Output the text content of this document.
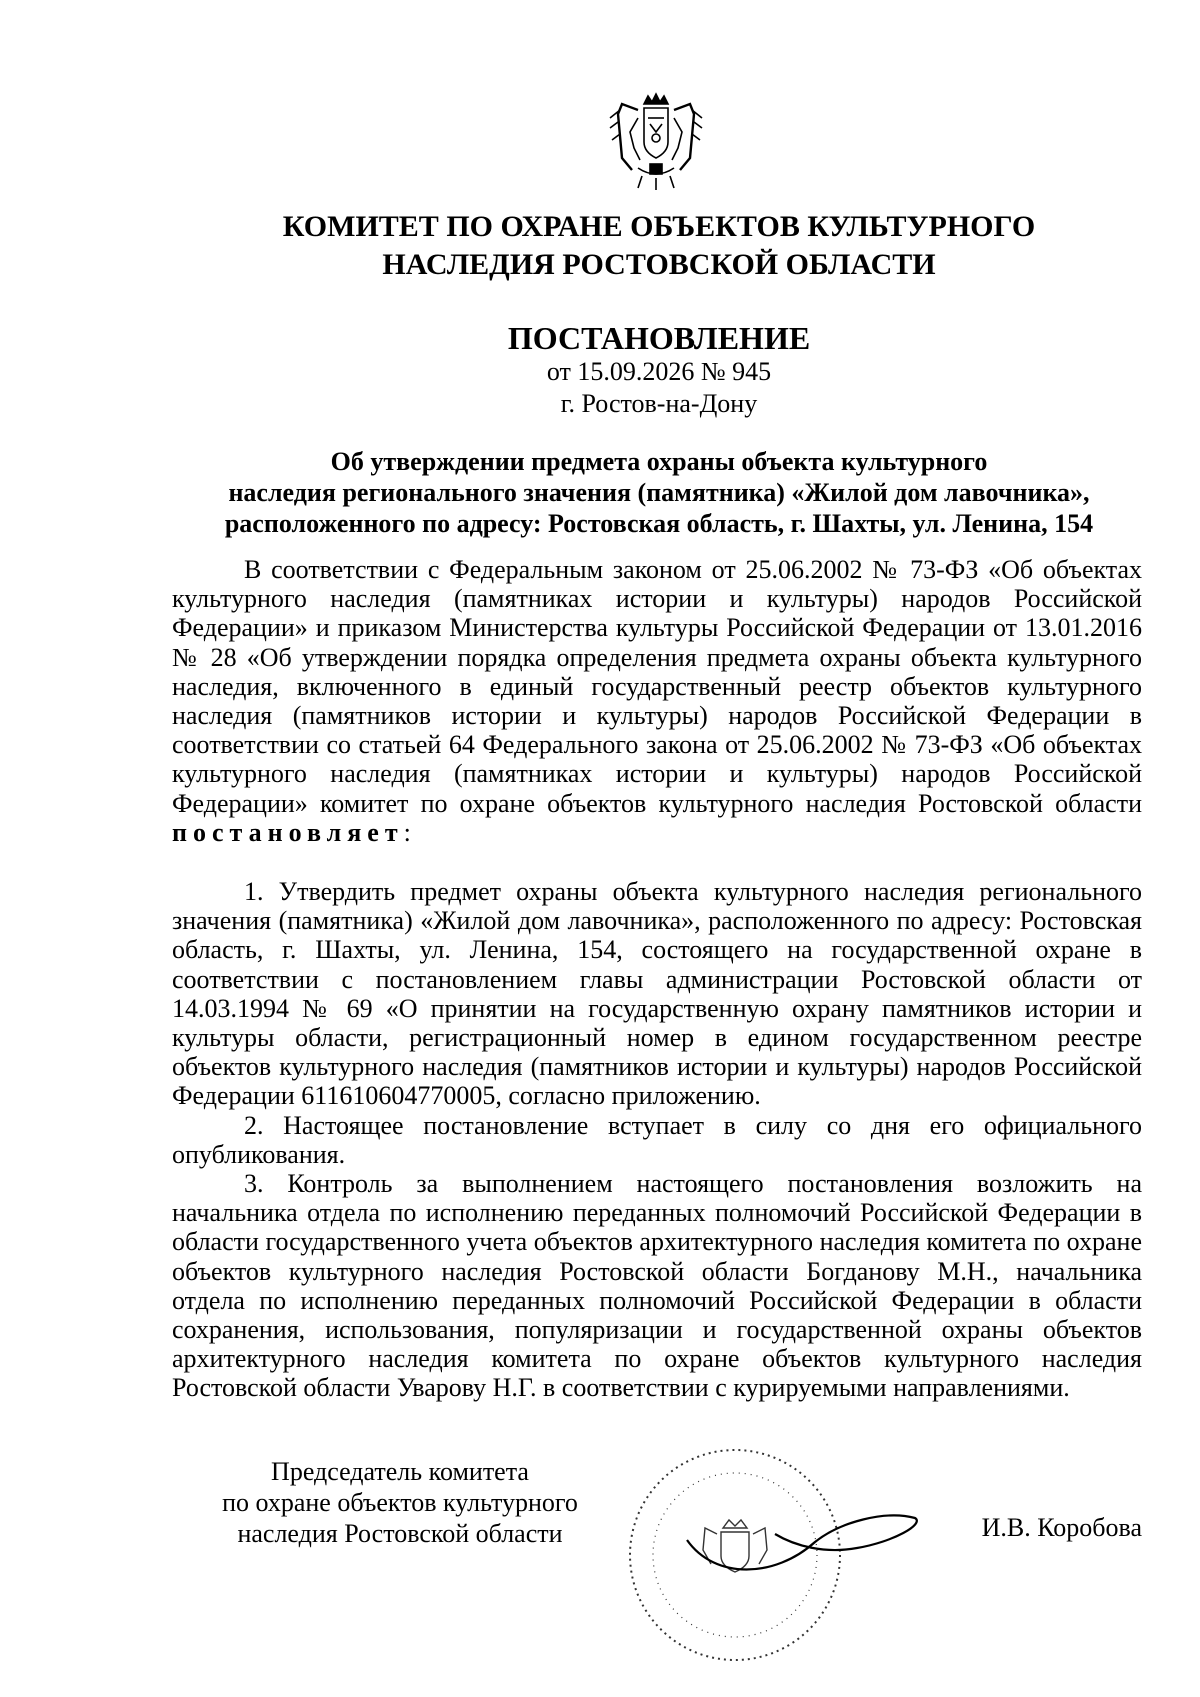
КОМИТЕТ ПО ОХРАНЕ ОБЪЕКТОВ КУЛЬТУРНОГО
НАСЛЕДИЯ РОСТОВСКОЙ ОБЛАСТИ
ПОСТАНОВЛЕНИЕ
от 15.09.2026 № 945
г. Ростов-на-Дону
Об утверждении предмета охраны объекта культурного
наследия регионального значения (памятника) «Жилой дом лавочника»,
расположенного по адресу: Ростовская область, г. Шахты, ул. Ленина, 154

В соответствии с Федеральным законом от 25.06.2002 № 73-ФЗ «Об объектах культурного наследия (памятниках истории и культуры) народов Российской Федерации» и приказом Министерства культуры Российской Федерации от 13.01.2016 № 28 «Об утверждении порядка определения предмета охраны объекта культурного наследия, включенного в единый государственный реестр объектов культурного наследия (памятников истории и культуры) народов Российской Федерации в соответствии со статьей 64 Федерального закона от 25.06.2002 № 73-ФЗ «Об объектах культурного наследия (памятниках истории и культуры) народов Российской Федерации» комитет по охране объектов культурного наследия Ростовской области постановляет:

1. Утвердить предмет охраны объекта культурного наследия регионального значения (памятника) «Жилой дом лавочника», расположенного по адресу: Ростовская область, г. Шахты, ул. Ленина, 154, состоящего на государственной охране в соответствии с постановлением главы администрации Ростовской области от 14.03.1994 № 69 «О принятии на государственную охрану памятников истории и культуры области, регистрационный номер в едином государственном реестре объектов культурного наследия (памятников истории и культуры) народов Российской Федерации 611610604770005, согласно приложению.

2. Настоящее постановление вступает в силу со дня его официального опубликования.

3. Контроль за выполнением настоящего постановления возложить на начальника отдела по исполнению переданных полномочий Российской Федерации в области государственного учета объектов архитектурного наследия комитета по охране объектов культурного наследия Ростовской области Богданову М.Н., начальника отдела по исполнению переданных полномочий Российской Федерации в области сохранения, использования, популяризации и государственной охраны объектов архитектурного наследия комитета по охране объектов культурного наследия Ростовской области Уварову Н.Г. в соответствии с курируемыми направлениями.

Председатель комитета
по охране объектов культурного
наследия Ростовской области	И.В. Коробова
